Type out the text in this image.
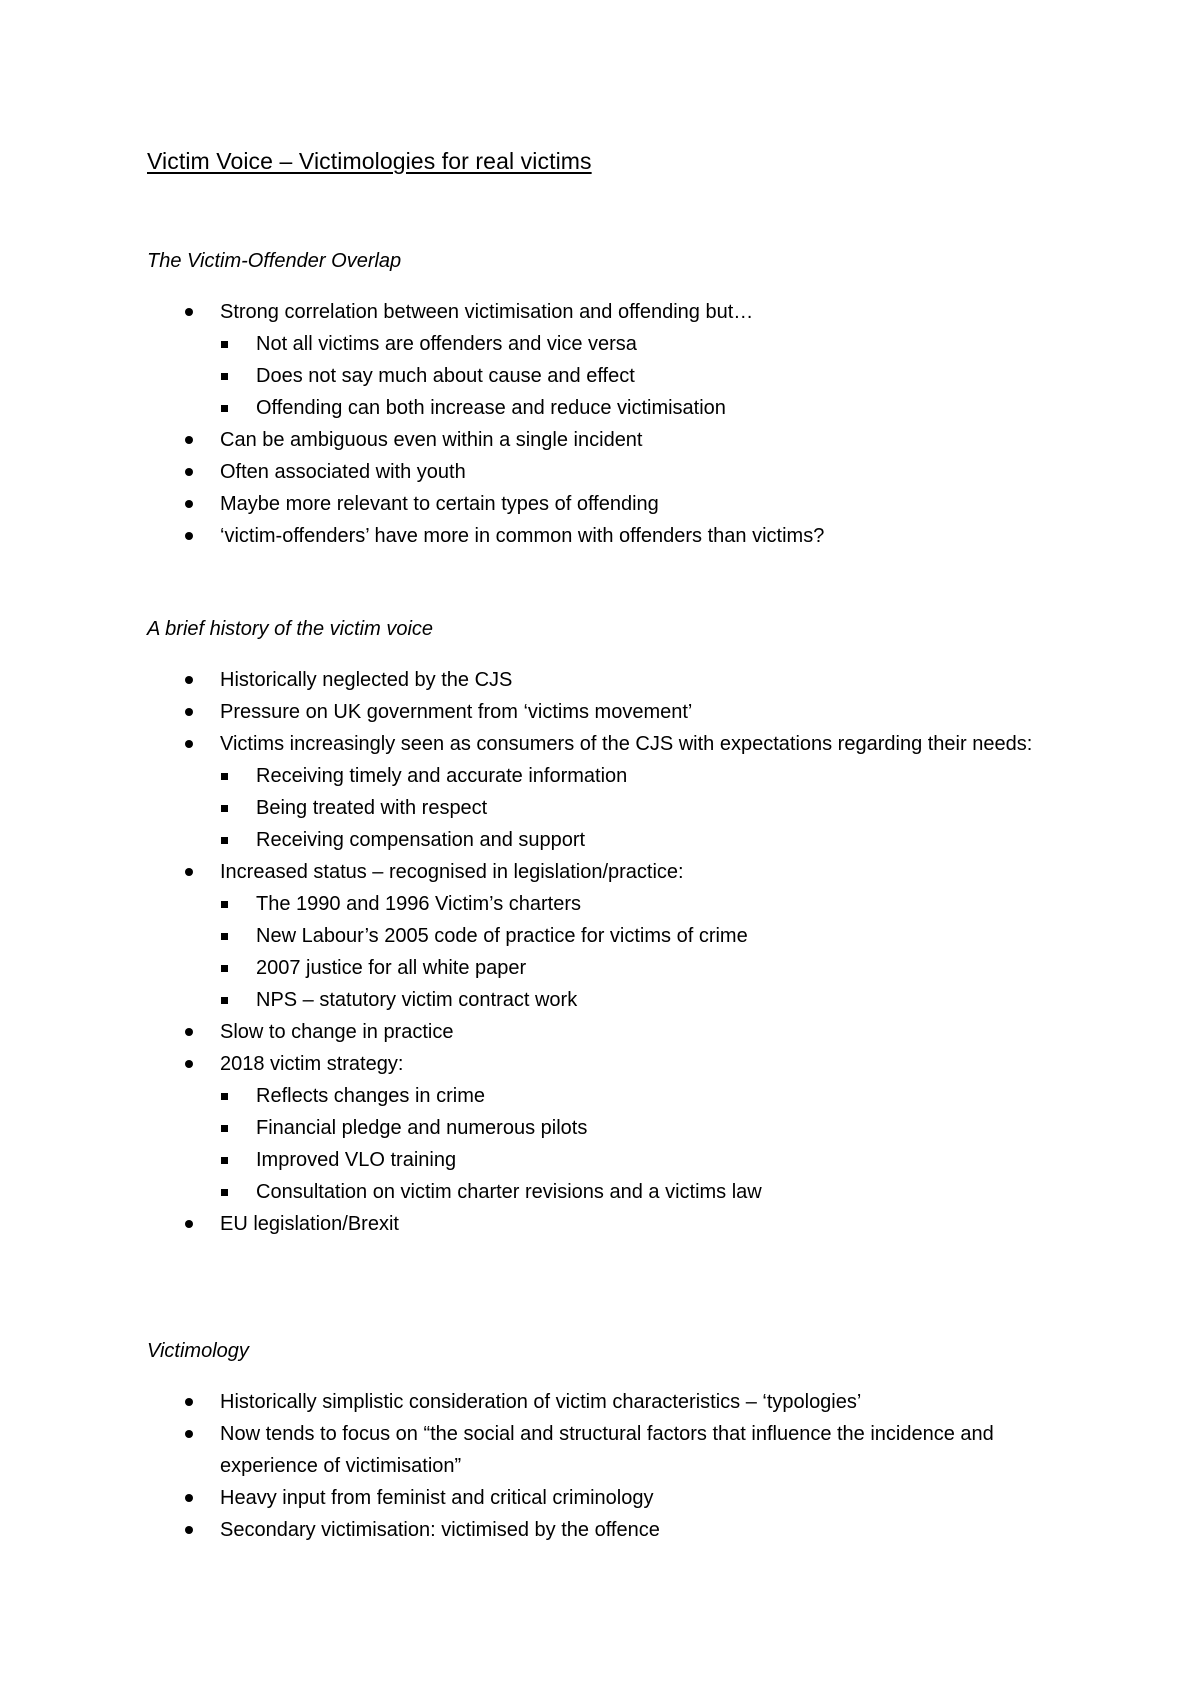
Victim Voice – Victimologies for real victims
The Victim-Offender Overlap
Strong correlation between victimisation and offending but…
Not all victims are offenders and vice versa
Does not say much about cause and effect
Offending can both increase and reduce victimisation
Can be ambiguous even within a single incident
Often associated with youth
Maybe more relevant to certain types of offending
‘victim-offenders’ have more in common with offenders than victims?
A brief history of the victim voice
Historically neglected by the CJS
Pressure on UK government from ‘victims movement’
Victims increasingly seen as consumers of the CJS with expectations regarding their needs:
Receiving timely and accurate information
Being treated with respect
Receiving compensation and support
Increased status – recognised in legislation/practice:
The 1990 and 1996 Victim’s charters
New Labour’s 2005 code of practice for victims of crime
2007 justice for all white paper
NPS – statutory victim contract work
Slow to change in practice
2018 victim strategy:
Reflects changes in crime
Financial pledge and numerous pilots
Improved VLO training
Consultation on victim charter revisions and a victims law
EU legislation/Brexit
Victimology
Historically simplistic consideration of victim characteristics – ‘typologies’
Now tends to focus on “the social and structural factors that influence the incidence and experience of victimisation”
Heavy input from feminist and critical criminology
Secondary victimisation: victimised by the offence
